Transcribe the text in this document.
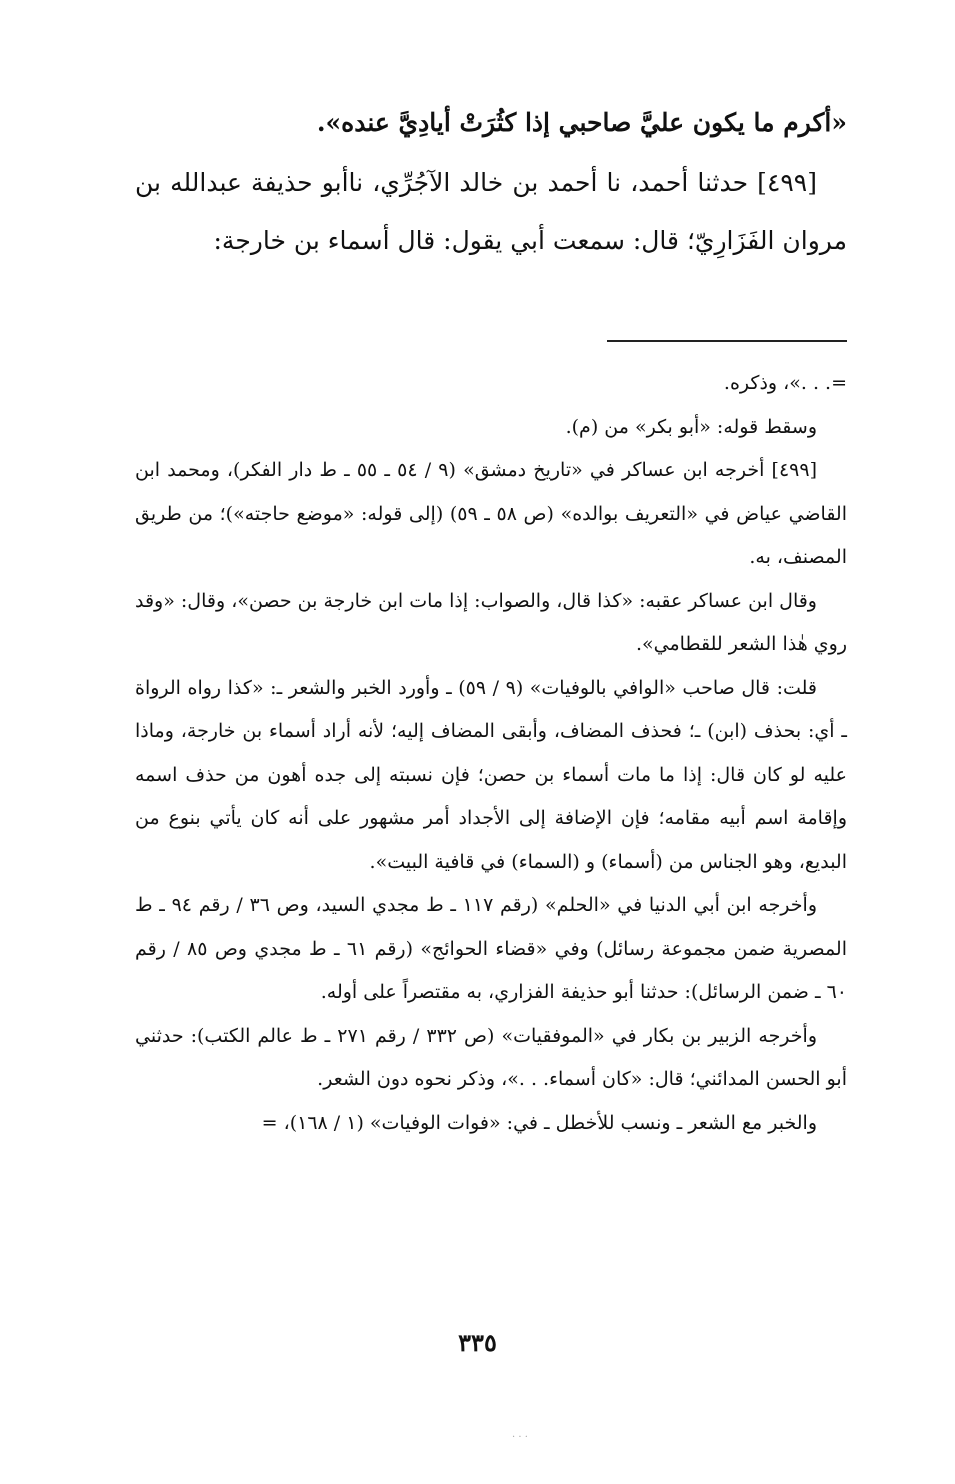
«أكرم ما يكون عليَّ صاحبي إذا كثُرَتْ أيادِيَّ عنده».

[٤٩٩] حدثنا أحمد، نا أحمد بن خالد الآجُرِّي، ناأبو حذيفة عبدالله بن مروان الفَزَارِيّ؛ قال: سمعت أبي يقول: قال أسماء بن خارجة:

=. . .»، وذكره.

وسقط قوله: «أبو بكر» من (م).

[٤٩٩] أخرجه ابن عساكر في «تاريخ دمشق» (٩ / ٥٤ ـ ٥٥ ـ ط دار الفكر)، ومحمد ابن القاضي عياض في «التعريف بوالده» (ص ٥٨ ـ ٥٩) (إلى قوله: «موضع حاجته»)؛ من طريق المصنف، به.

وقال ابن عساكر عقبه: «كذا قال، والصواب: إذا مات ابن خارجة بن حصن»، وقال: «وقد روي هٰذا الشعر للقطامي».

قلت: قال صاحب «الوافي بالوفيات» (٩ / ٥٩) ـ وأورد الخبر والشعر ـ: «كذا رواه الرواة ـ أي: بحذف (ابن) ـ؛ فحذف المضاف، وأبقى المضاف إليه؛ لأنه أراد أسماء بن خارجة، وماذا عليه لو كان قال: إذا ما مات أسماء بن حصن؛ فإن نسبته إلى جده أهون من حذف اسمه وإقامة اسم أبيه مقامه؛ فإن الإضافة إلى الأجداد أمر مشهور على أنه كان يأتي بنوع من البديع، وهو الجناس من (أسماء) و (السماء) في قافية البيت».

وأخرجه ابن أبي الدنيا في «الحلم» (رقم ١١٧ ـ ط مجدي السيد، وص ٣٦ / رقم ٩٤ ـ ط المصرية ضمن مجموعة رسائل) وفي «قضاء الحوائج» (رقم ٦١ ـ ط مجدي وص ٨٥ / رقم ٦٠ ـ ضمن الرسائل): حدثنا أبو حذيفة الفزاري، به مقتصراً على أوله.

وأخرجه الزبير بن بكار في «الموفقيات» (ص ٣٣٢ / رقم ٢٧١ ـ ط عالم الكتب): حدثني أبو الحسن المدائني؛ قال: «كان أسماء. . .»، وذكر نحوه دون الشعر.

والخبر مع الشعر ـ ونسب للأخطل ـ في: «فوات الوفيات» (١ / ١٦٨)، =

٣٣٥
· · ·
